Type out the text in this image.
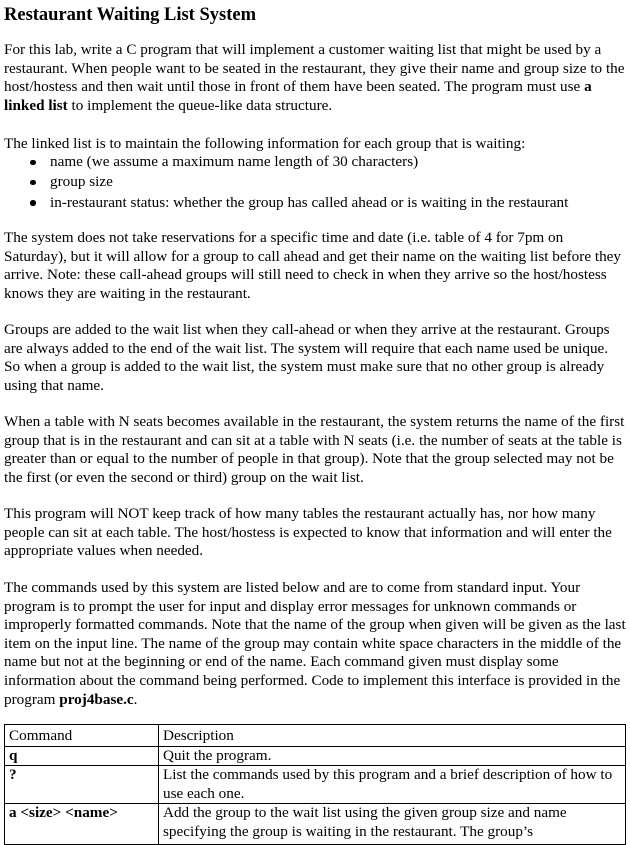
Restaurant Waiting List System

For this lab, write a C program that will implement a customer waiting list that might be used by a restaurant. When people want to be seated in the restaurant, they give their name and group size to the host/hostess and then wait until those in front of them have been seated. The program must use a linked list to implement the queue-like data structure.

The linked list is to maintain the following information for each group that is waiting:

name (we assume a maximum name length of 30 characters)
group size
in-restaurant status: whether the group has called ahead or is waiting in the restaurant

The system does not take reservations for a specific time and date (i.e. table of 4 for 7pm on Saturday), but it will allow for a group to call ahead and get their name on the waiting list before they arrive. Note: these call-ahead groups will still need to check in when they arrive so the host/hostess knows they are waiting in the restaurant.

Groups are added to the wait list when they call-ahead or when they arrive at the restaurant. Groups are always added to the end of the wait list. The system will require that each name used be unique. So when a group is added to the wait list, the system must make sure that no other group is already using that name.

When a table with N seats becomes available in the restaurant, the system returns the name of the first group that is in the restaurant and can sit at a table with N seats (i.e. the number of seats at the table is greater than or equal to the number of people in that group). Note that the group selected may not be the first (or even the second or third) group on the wait list.

This program will NOT keep track of how many tables the restaurant actually has, nor how many people can sit at each table. The host/hostess is expected to know that information and will enter the appropriate values when needed.

The commands used by this system are listed below and are to come from standard input. Your program is to prompt the user for input and display error messages for unknown commands or improperly formatted commands. Note that the name of the group when given will be given as the last item on the input line. The name of the group may contain white space characters in the middle of the name but not at the beginning or end of the name. Each command given must display some information about the command being performed. Code to implement this interface is provided in the program proj4base.c.

Command	Description
q	Quit the program.
?	List the commands used by this program and a brief description of how to use each one.
a <size> <name>	Add the group to the wait list using the given group size and name specifying the group is waiting in the restaurant. The group’s
